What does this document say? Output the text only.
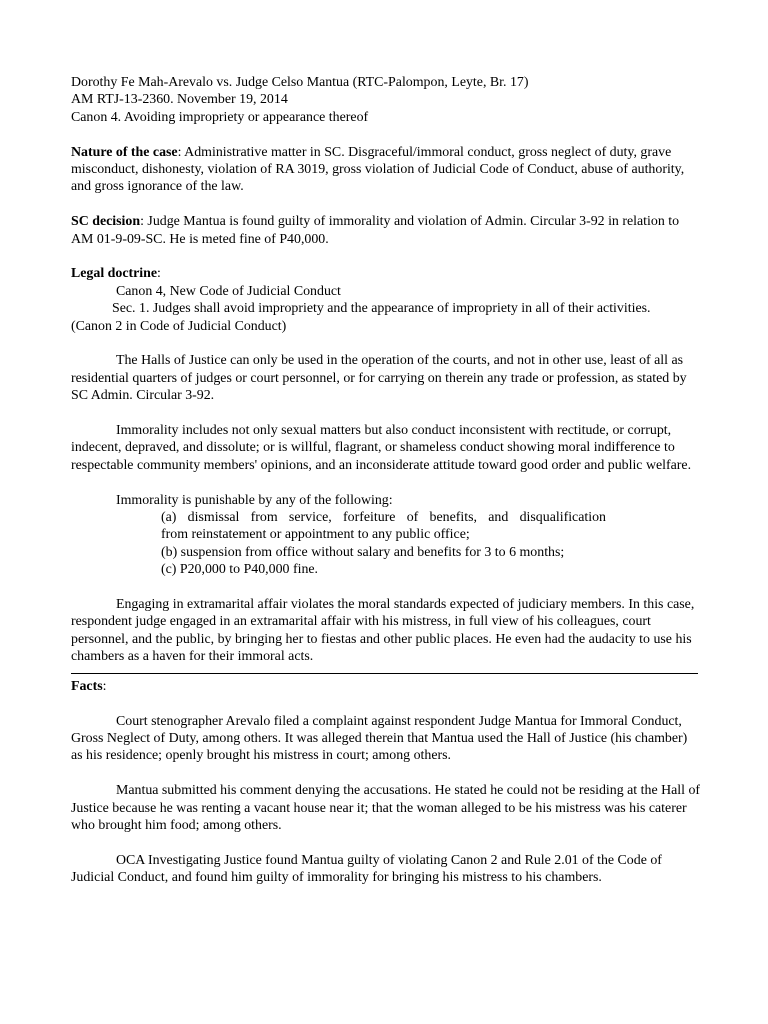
Dorothy Fe Mah-Arevalo vs. Judge Celso Mantua (RTC-Palompon, Leyte, Br. 17)

AM RTJ-13-2360. November 19, 2014

Canon 4. Avoiding impropriety or appearance thereof

Nature of the case: Administrative matter in SC. Disgraceful/immoral conduct, gross neglect of duty, grave misconduct, dishonesty, violation of RA 3019, gross violation of Judicial Code of Conduct, abuse of authority, and gross ignorance of the law.

SC decision: Judge Mantua is found guilty of immorality and violation of Admin. Circular 3-92 in relation to AM 01-9-09-SC. He is meted fine of P40,000.

Legal doctrine:

Canon 4, New Code of Judicial Conduct

Sec. 1. Judges shall avoid impropriety and the appearance of impropriety in all of their activities.

(Canon 2 in Code of Judicial Conduct)

The Halls of Justice can only be used in the operation of the courts, and not in other use, least of all as residential quarters of judges or court personnel, or for carrying on therein any trade or profession, as stated by SC Admin. Circular 3-92.

Immorality includes not only sexual matters but also conduct inconsistent with rectitude, or corrupt, indecent, depraved, and dissolute; or is willful, flagrant, or shameless conduct showing moral indifference to respectable community members' opinions, and an inconsiderate attitude toward good order and public welfare.

Immorality is punishable by any of the following:

(a) dismissal from service, forfeiture of benefits, and disqualification

from reinstatement or appointment to any public office;

(b) suspension from office without salary and benefits for 3 to 6 months;

(c) P20,000 to P40,000 fine.

Engaging in extramarital affair violates the moral standards expected of judiciary members. In this case, respondent judge engaged in an extramarital affair with his mistress, in full view of his colleagues, court personnel, and the public, by bringing her to fiestas and other public places. He even had the audacity to use his chambers as a haven for their immoral acts.

Facts:

Court stenographer Arevalo filed a complaint against respondent Judge Mantua for Immoral Conduct, Gross Neglect of Duty, among others. It was alleged therein that Mantua used the Hall of Justice (his chamber) as his residence; openly brought his mistress in court; among others.

Mantua submitted his comment denying the accusations. He stated he could not be residing at the Hall of Justice because he was renting a vacant house near it; that the woman alleged to be his mistress was his caterer who brought him food; among others.

OCA Investigating Justice found Mantua guilty of violating Canon 2 and Rule 2.01 of the Code of Judicial Conduct, and found him guilty of immorality for bringing his mistress to his chambers.
